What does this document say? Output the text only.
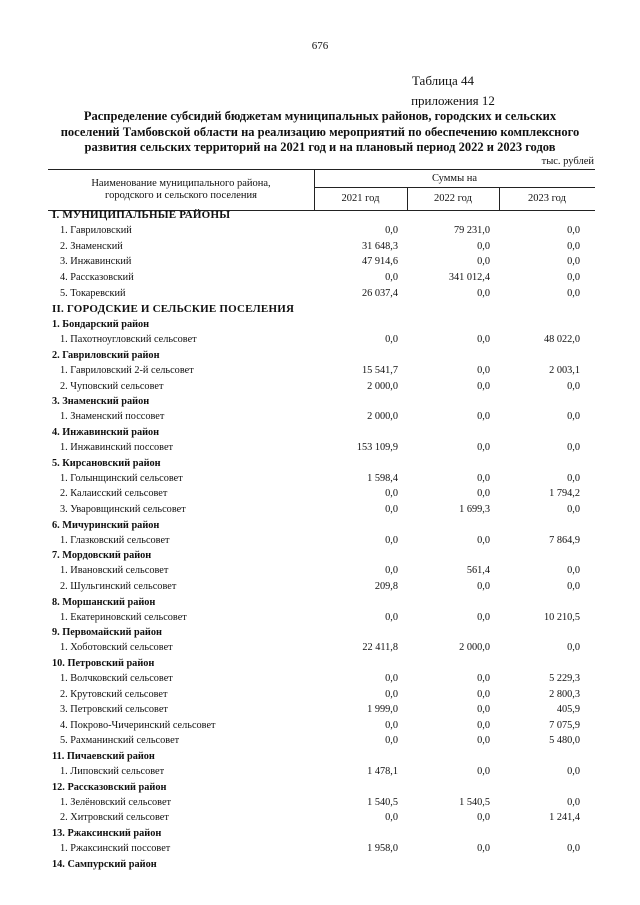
676
Таблица 44
приложения 12
Распределение субсидий бюджетам муниципальных районов, городских и сельских
поселений Тамбовской области на реализацию мероприятий по обеспечению комплексного
развития сельских территорий на 2021 год и на плановый период 2022 и 2023 годов
тыс. рублей
Наименование муниципального района,
городского и сельского поселения
Суммы на
2021 год	2022 год	2023 год
I. МУНИЦИПАЛЬНЫЕ РАЙОНЫ
1. Гавриловский	0,0	79 231,0	0,0
2. Знаменский	31 648,3	0,0	0,0
3. Инжавинский	47 914,6	0,0	0,0
4. Рассказовский	0,0	341 012,4	0,0
5. Токаревский	26 037,4	0,0	0,0
II. ГОРОДСКИЕ И СЕЛЬСКИЕ ПОСЕЛЕНИЯ
1. Бондарский район
1. Пахотноугловский сельсовет	0,0	0,0	48 022,0
2. Гавриловский район
1. Гавриловский 2-й сельсовет	15 541,7	0,0	2 003,1
2. Чуповский сельсовет	2 000,0	0,0	0,0
3. Знаменский район
1. Знаменский поссовет	2 000,0	0,0	0,0
4. Инжавинский район
1. Инжавинский поссовет	153 109,9	0,0	0,0
5. Кирсановский район
1. Голынщинский сельсовет	1 598,4	0,0	0,0
2. Калаисский сельсовет	0,0	0,0	1 794,2
3. Уваровщинский сельсовет	0,0	1 699,3	0,0
6. Мичуринский район
1. Глазковский сельсовет	0,0	0,0	7 864,9
7. Мордовский район
1. Ивановский сельсовет	0,0	561,4	0,0
2. Шульгинский сельсовет	209,8	0,0	0,0
8. Моршанский район
1. Екатериновский сельсовет	0,0	0,0	10 210,5
9. Первомайский район
1. Хоботовский сельсовет	22 411,8	2 000,0	0,0
10. Петровский район
1. Волчковский сельсовет	0,0	0,0	5 229,3
2. Крутовский сельсовет	0,0	0,0	2 800,3
3. Петровский сельсовет	1 999,0	0,0	405,9
4. Покрово-Чичеринский сельсовет	0,0	0,0	7 075,9
5. Рахманинский сельсовет	0,0	0,0	5 480,0
11. Пичаевский район
1. Липовский сельсовет	1 478,1	0,0	0,0
12. Рассказовский район
1. Зелёновский сельсовет	1 540,5	1 540,5	0,0
2. Хитровский сельсовет	0,0	0,0	1 241,4
13. Ржаксинский район
1. Ржаксинский поссовет	1 958,0	0,0	0,0
14. Сампурский район
